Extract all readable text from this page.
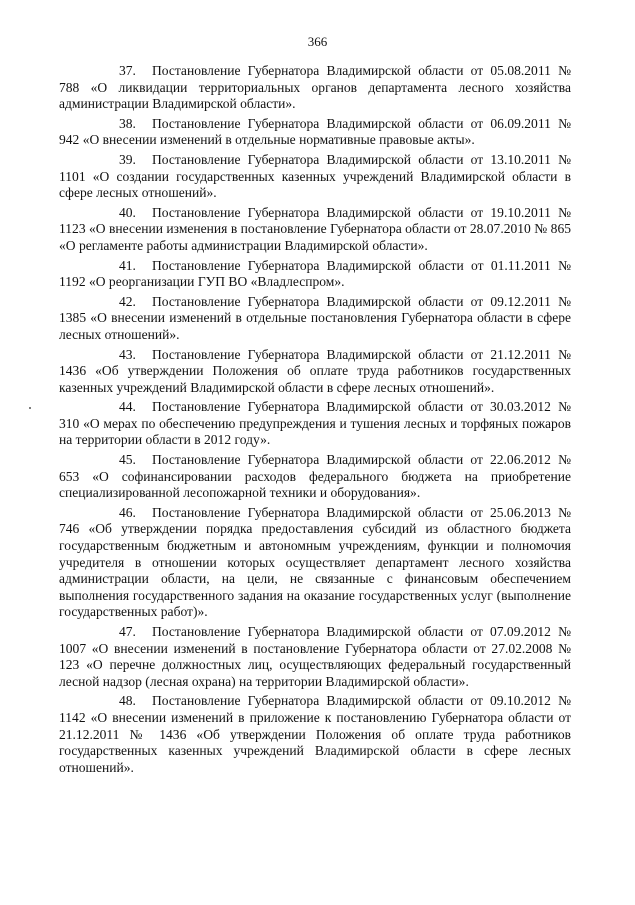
366

37. Постановление Губернатора Владимирской области от 05.08.2011 № 788 «О ликвидации территориальных органов департамента лесного хозяйства администрации Владимирской области».

38. Постановление Губернатора Владимирской области от 06.09.2011 № 942 «О внесении изменений в отдельные нормативные правовые акты».

39. Постановление Губернатора Владимирской области от 13.10.2011 № 1101 «О создании государственных казенных учреждений Владимирской области в сфере лесных отношений».

40. Постановление Губернатора Владимирской области от 19.10.2011 № 1123 «О внесении изменения в постановление Губернатора области от 28.07.2010 № 865 «О регламенте работы администрации Владимирской области».

41. Постановление Губернатора Владимирской области от 01.11.2011 № 1192 «О реорганизации ГУП ВО «Владлеспром».

42. Постановление Губернатора Владимирской области от 09.12.2011 № 1385 «О внесении изменений в отдельные постановления Губернатора области в сфере лесных отношений».

43. Постановление Губернатора Владимирской области от 21.12.2011 № 1436 «Об утверждении Положения об оплате труда работников государственных казенных учреждений Владимирской области в сфере лесных отношений».

44. Постановление Губернатора Владимирской области от 30.03.2012 № 310 «О мерах по обеспечению предупреждения и тушения лесных и торфяных пожаров на территории области в 2012 году».

45. Постановление Губернатора Владимирской области от 22.06.2012 № 653 «О софинансировании расходов федерального бюджета на приобретение специализированной лесопожарной техники и оборудования».

46. Постановление Губернатора Владимирской области от 25.06.2013 № 746 «Об утверждении порядка предоставления субсидий из областного бюджета государственным бюджетным и автономным учреждениям, функции и полномочия учредителя в отношении которых осуществляет департамент лесного хозяйства администрации области, на цели, не связанные с финансовым обеспечением выполнения государственного задания на оказание государственных услуг (выполнение государственных работ)».

47. Постановление Губернатора Владимирской области от 07.09.2012 № 1007 «О внесении изменений в постановление Губернатора области от 27.02.2008 № 123 «О перечне должностных лиц, осуществляющих федеральный государственный лесной надзор (лесная охрана) на территории Владимирской области».

48. Постановление Губернатора Владимирской области от 09.10.2012 № 1142 «О внесении изменений в приложение к постановлению Губернатора области от 21.12.2011 № 1436 «Об утверждении Положения об оплате труда работников государственных казенных учреждений Владимирской области в сфере лесных отношений».
